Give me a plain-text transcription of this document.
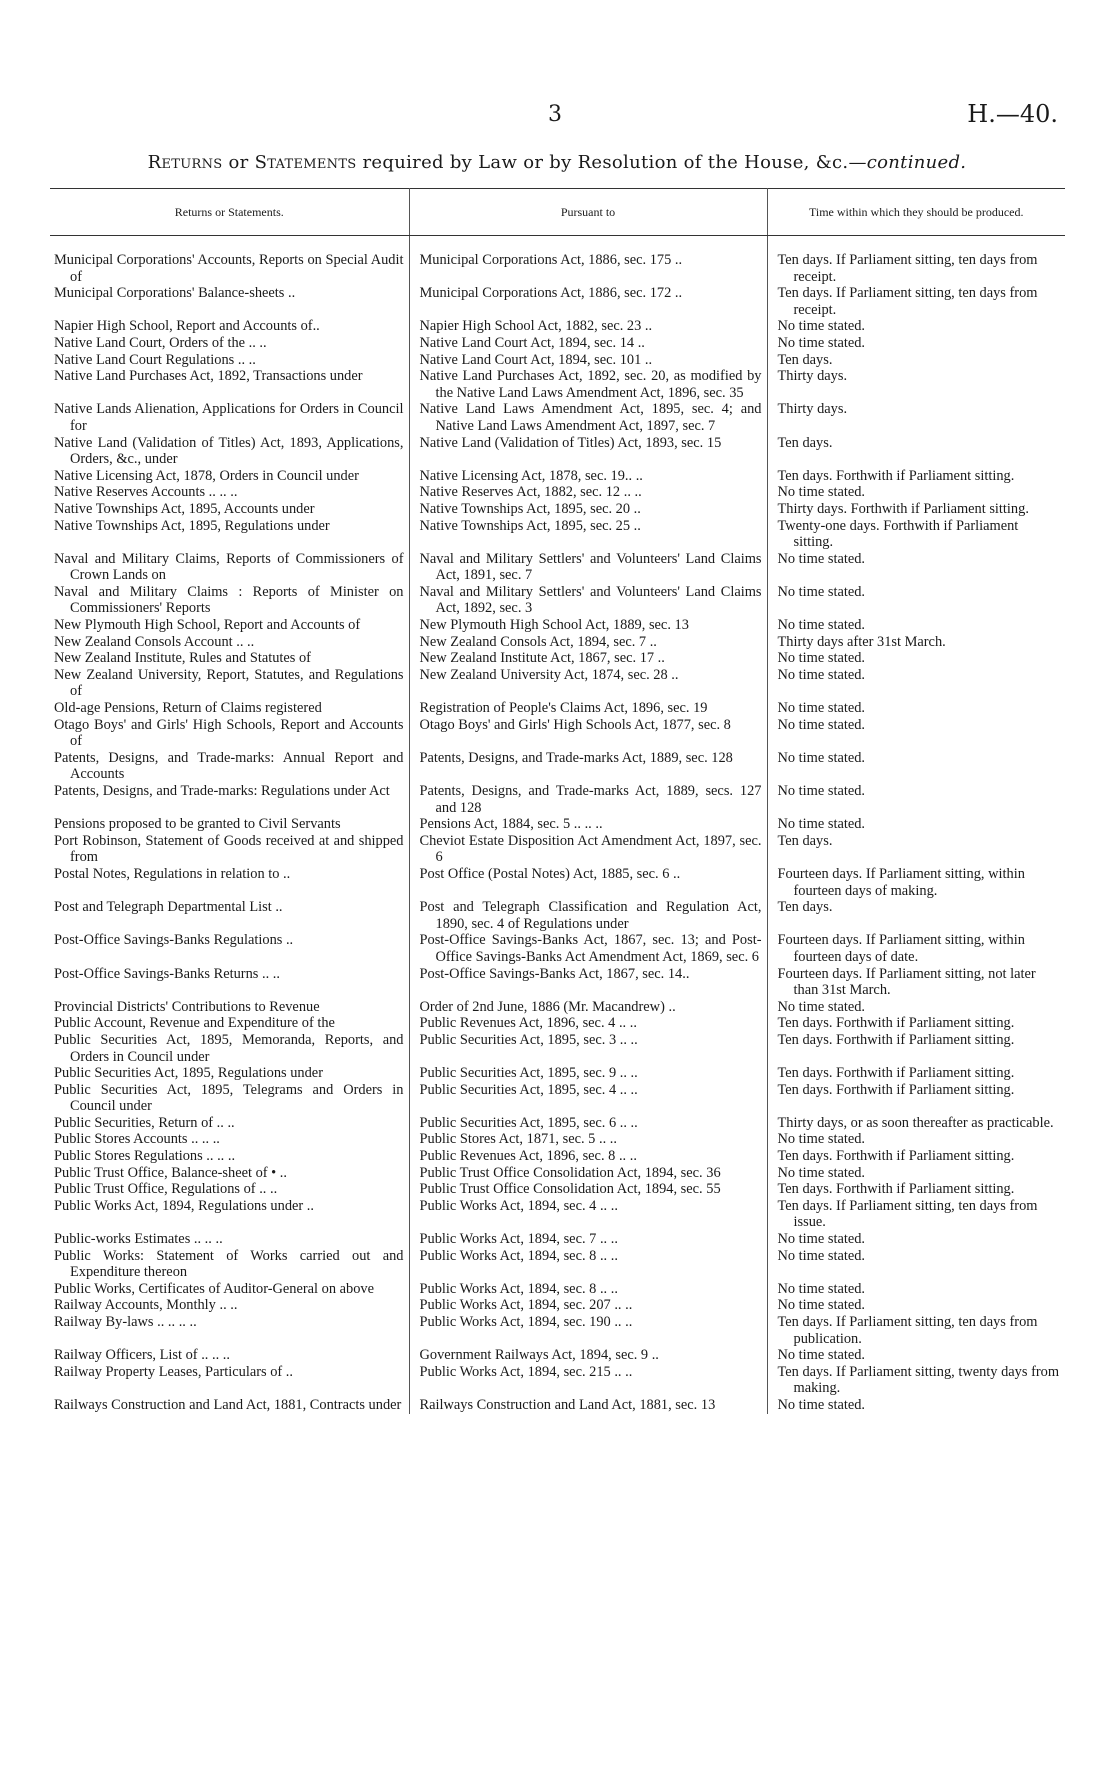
3	H.—40.
Returns or Statements required by Law or by Resolution of the House, &c.—continued.
Returns or Statements.	Pursuant to	Time within which they should be produced.

Municipal Corporations' Accounts, Reports on Special Audit of	Municipal Corporations Act, 1886, sec. 175 ..	Ten days. If Parliament sitting, ten days from receipt.

Municipal Corporations' Balance-sheets ..	Municipal Corporations Act, 1886, sec. 172 ..	Ten days. If Parliament sitting, ten days from receipt.

Napier High School, Report and Accounts of..	Napier High School Act, 1882, sec. 23 ..	No time stated.

Native Land Court, Orders of the .. ..	Native Land Court Act, 1894, sec. 14 ..	No time stated.

Native Land Court Regulations .. ..	Native Land Court Act, 1894, sec. 101 ..	Ten days.

Native Land Purchases Act, 1892, Transactions under	Native Land Purchases Act, 1892, sec. 20, as modified by the Native Land Laws Amendment Act, 1896, sec. 35	Thirty days.

Native Lands Alienation, Applications for Orders in Council for	Native Land Laws Amendment Act, 1895, sec. 4; and Native Land Laws Amendment Act, 1897, sec. 7	Thirty days.

Native Land (Validation of Titles) Act, 1893, Applications, Orders, &c., under	Native Land (Validation of Titles) Act, 1893, sec. 15	Ten days.

Native Licensing Act, 1878, Orders in Council under	Native Licensing Act, 1878, sec. 19.. ..	Ten days. Forthwith if Parliament sitting.

Native Reserves Accounts .. .. ..	Native Reserves Act, 1882, sec. 12 .. ..	No time stated.

Native Townships Act, 1895, Accounts under	Native Townships Act, 1895, sec. 20 ..	Thirty days. Forthwith if Parliament sitting.

Native Townships Act, 1895, Regulations under	Native Townships Act, 1895, sec. 25 ..	Twenty-one days. Forthwith if Parliament sitting.

Naval and Military Claims, Reports of Commissioners of Crown Lands on	Naval and Military Settlers' and Volunteers' Land Claims Act, 1891, sec. 7	No time stated.

Naval and Military Claims : Reports of Minister on Commissioners' Reports	Naval and Military Settlers' and Volunteers' Land Claims Act, 1892, sec. 3	No time stated.

New Plymouth High School, Report and Accounts of	New Plymouth High School Act, 1889, sec. 13	No time stated.

New Zealand Consols Account .. ..	New Zealand Consols Act, 1894, sec. 7 ..	Thirty days after 31st March.

New Zealand Institute, Rules and Statutes of	New Zealand Institute Act, 1867, sec. 17 ..	No time stated.

New Zealand University, Report, Statutes, and Regulations of	New Zealand University Act, 1874, sec. 28 ..	No time stated.

Old-age Pensions, Return of Claims registered	Registration of People's Claims Act, 1896, sec. 19	No time stated.

Otago Boys' and Girls' High Schools, Report and Accounts of	Otago Boys' and Girls' High Schools Act, 1877, sec. 8	No time stated.

Patents, Designs, and Trade-marks: Annual Report and Accounts	Patents, Designs, and Trade-marks Act, 1889, sec. 128	No time stated.

Patents, Designs, and Trade-marks: Regulations under Act	Patents, Designs, and Trade-marks Act, 1889, secs. 127 and 128	No time stated.

Pensions proposed to be granted to Civil Servants	Pensions Act, 1884, sec. 5 .. .. ..	No time stated.

Port Robinson, Statement of Goods received at and shipped from	Cheviot Estate Disposition Act Amendment Act, 1897, sec. 6	Ten days.

Postal Notes, Regulations in relation to ..	Post Office (Postal Notes) Act, 1885, sec. 6 ..	Fourteen days. If Parliament sitting, within fourteen days of making.

Post and Telegraph Departmental List ..	Post and Telegraph Classification and Regulation Act, 1890, sec. 4 of Regulations under	Ten days.

Post-Office Savings-Banks Regulations ..	Post-Office Savings-Banks Act, 1867, sec. 13; and Post-Office Savings-Banks Act Amendment Act, 1869, sec. 6	Fourteen days. If Parliament sitting, within fourteen days of date.

Post-Office Savings-Banks Returns .. ..	Post-Office Savings-Banks Act, 1867, sec. 14..	Fourteen days. If Parliament sitting, not later than 31st March.

Provincial Districts' Contributions to Revenue	Order of 2nd June, 1886 (Mr. Macandrew) ..	No time stated.

Public Account, Revenue and Expenditure of the	Public Revenues Act, 1896, sec. 4 .. ..	Ten days. Forthwith if Parliament sitting.

Public Securities Act, 1895, Memoranda, Reports, and Orders in Council under	Public Securities Act, 1895, sec. 3 .. ..	Ten days. Forthwith if Parliament sitting.

Public Securities Act, 1895, Regulations under	Public Securities Act, 1895, sec. 9 .. ..	Ten days. Forthwith if Parliament sitting.

Public Securities Act, 1895, Telegrams and Orders in Council under	Public Securities Act, 1895, sec. 4 .. ..	Ten days. Forthwith if Parliament sitting.

Public Securities, Return of .. ..	Public Securities Act, 1895, sec. 6 .. ..	Thirty days, or as soon thereafter as practicable.

Public Stores Accounts .. .. ..	Public Stores Act, 1871, sec. 5 .. ..	No time stated.

Public Stores Regulations .. .. ..	Public Revenues Act, 1896, sec. 8 .. ..	Ten days. Forthwith if Parliament sitting.

Public Trust Office, Balance-sheet of • ..	Public Trust Office Consolidation Act, 1894, sec. 36	No time stated.

Public Trust Office, Regulations of .. ..	Public Trust Office Consolidation Act, 1894, sec. 55	Ten days. Forthwith if Parliament sitting.

Public Works Act, 1894, Regulations under ..	Public Works Act, 1894, sec. 4 .. ..	Ten days. If Parliament sitting, ten days from issue.

Public-works Estimates .. .. ..	Public Works Act, 1894, sec. 7 .. ..	No time stated.

Public Works: Statement of Works carried out and Expenditure thereon	Public Works Act, 1894, sec. 8 .. ..	No time stated.

Public Works, Certificates of Auditor-General on above	Public Works Act, 1894, sec. 8 .. ..	No time stated.

Railway Accounts, Monthly .. ..	Public Works Act, 1894, sec. 207 .. ..	No time stated.

Railway By-laws .. .. .. ..	Public Works Act, 1894, sec. 190 .. ..	Ten days. If Parliament sitting, ten days from publication.

Railway Officers, List of .. .. ..	Government Railways Act, 1894, sec. 9 ..	No time stated.

Railway Property Leases, Particulars of ..	Public Works Act, 1894, sec. 215 .. ..	Ten days. If Parliament sitting, twenty days from making.

Railways Construction and Land Act, 1881, Contracts under	Railways Construction and Land Act, 1881, sec. 13	No time stated.
